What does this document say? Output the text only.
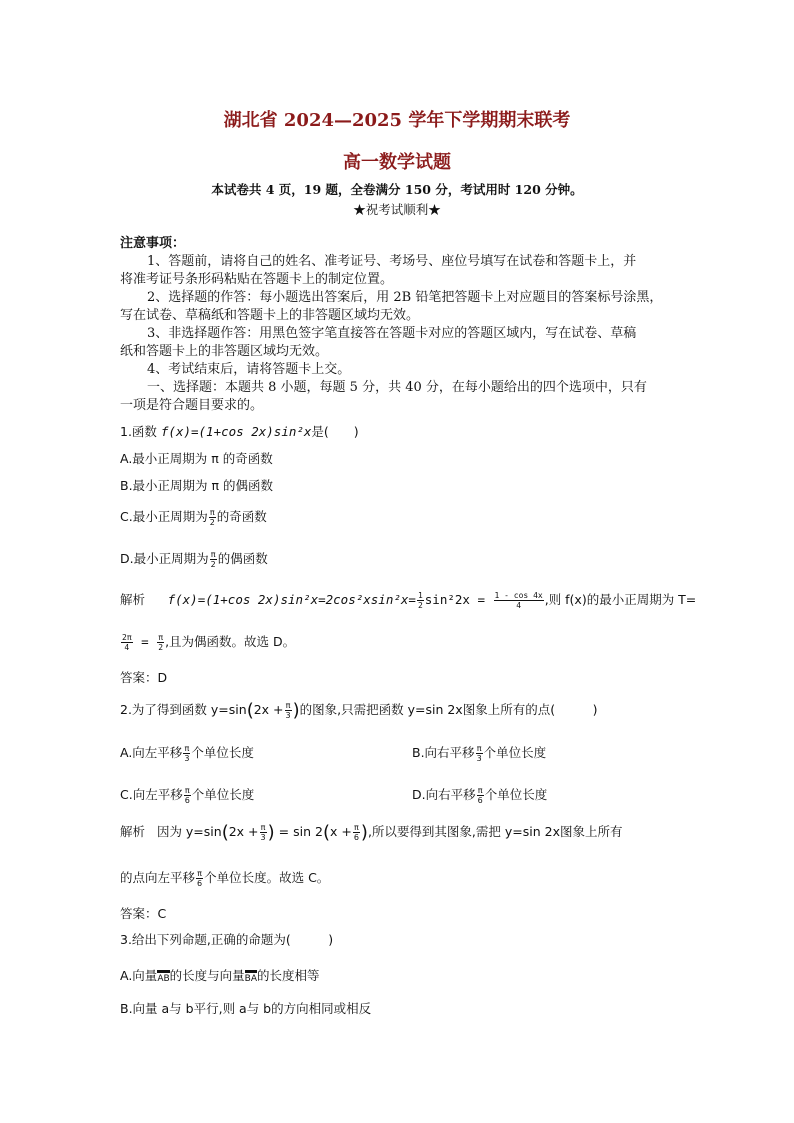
湖北省 2024—2025 学年下学期期末联考
高一数学试题
本试卷共 4 页，19 题，全卷满分 150 分，考试用时 120 分钟。
★祝考试顺利★
注意事项：
1、答题前，请将自己的姓名、准考证号、考场号、座位号填写在试卷和答题卡上，并
将准考证号条形码粘贴在答题卡上的制定位置。
2、选择题的作答：每小题选出答案后，用 2B 铅笔把答题卡上对应题目的答案标号涂黑，
写在试卷、草稿纸和答题卡上的非答题区域均无效。
3、非选择题作答：用黑色签字笔直接答在答题卡对应的答题区域内，写在试卷、草稿
纸和答题卡上的非答题区域均无效。
4、考试结束后，请将答题卡上交。
一、选择题：本题共 8 小题，每题 5 分，共 40 分，在每小题给出的四个选项中，只有
一项是符合题目要求的。
1.函数 f(x)=(1+cos 2x)sin²x是(　　)
A.最小正周期为 π 的奇函数
B.最小正周期为 π 的偶函数
C.最小正周期为 $\frac{\pi}{2}$ 的奇函数
D.最小正周期为 $\frac{\pi}{2}$ 的偶函数
解析 f(x)=(1+cos $2x)\sin^2x=2\cos^2xsin^2x= \frac{1}{2} \sin^22x = \frac{1 - \cos 4x}{4}$ ,则 f(x)的最小正周期为 T=
$\frac{2\pi}{4} = \frac{\pi}{2}$ ,且为偶函数。故选 D。
答案：D
2.为了得到函数 $y=\sin(2x + \frac{\pi}{3}$ )的图象,只需把函数 y=sin 2x图象上所有的点(　　　)
A.向左平移 $\frac{\pi}{3}$ 个单位长度	B.向右平移 $\frac{\pi}{3}$ 个单位长度
C.向左平移 $\frac{\pi}{6}$ 个单位长度	D.向右平移 $\frac{\pi}{6}$ 个单位长度
解析 因为 $y=\sin(2x + \frac{\pi}{3}$ ) = $\sin 2(x + \frac{\pi}{6}$ ),所以要得到其图象,需把 y=sin 2x图象上所有
的点向左平移 $\frac{\pi}{6}$ 个单位长度。故选 C。
答案：C
3.给出下列命题,正确的命题为(　　　)
A.向量AB的长度与向量BA的长度相等
B.向量 a与 b平行,则 a与 b的方向相同或相反
